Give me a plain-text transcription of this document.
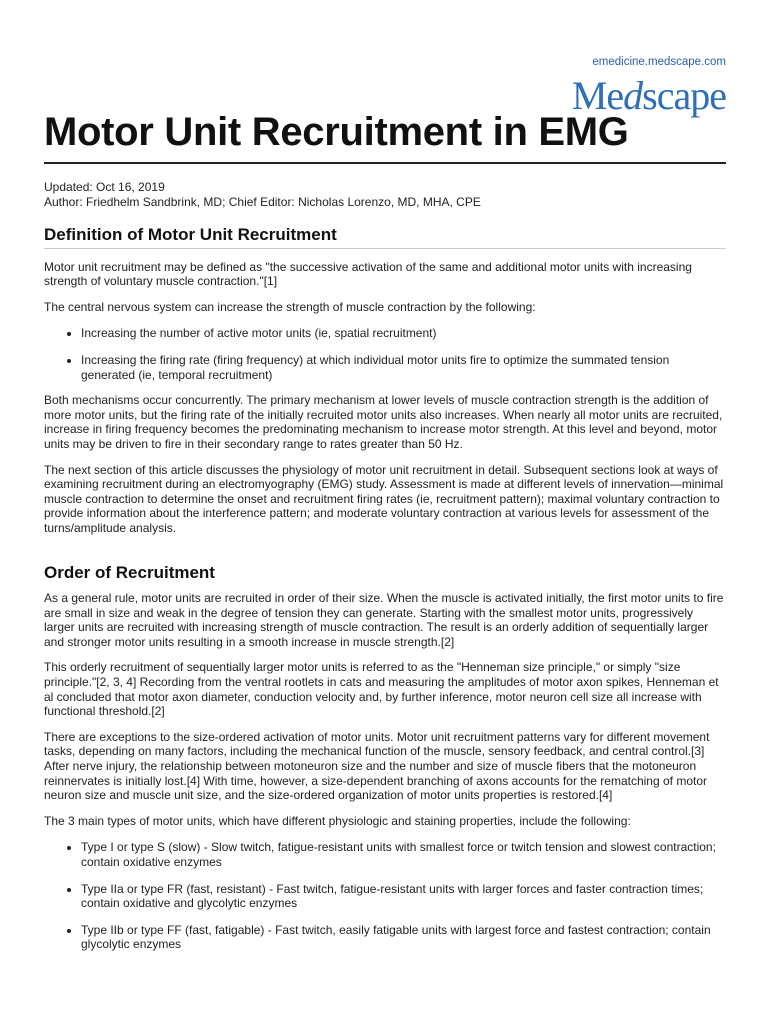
emedicine.medscape.com
Medscape
Motor Unit Recruitment in EMG
Updated: Oct 16, 2019
Author: Friedhelm Sandbrink, MD; Chief Editor: Nicholas Lorenzo, MD, MHA, CPE
Definition of Motor Unit Recruitment

Motor unit recruitment may be defined as "the successive activation of the same and additional motor units with increasing strength of voluntary muscle contraction."[1]

The central nervous system can increase the strength of muscle contraction by the following:

• Increasing the number of active motor units (ie, spatial recruitment)
• Increasing the firing rate (firing frequency) at which individual motor units fire to optimize the summated tension generated (ie, temporal recruitment)

Both mechanisms occur concurrently. The primary mechanism at lower levels of muscle contraction strength is the addition of more motor units, but the firing rate of the initially recruited motor units also increases. When nearly all motor units are recruited, increase in firing frequency becomes the predominating mechanism to increase motor strength. At this level and beyond, motor units may be driven to fire in their secondary range to rates greater than 50 Hz.

The next section of this article discusses the physiology of motor unit recruitment in detail. Subsequent sections look at ways of examining recruitment during an electromyography (EMG) study. Assessment is made at different levels of innervation—minimal muscle contraction to determine the onset and recruitment firing rates (ie, recruitment pattern); maximal voluntary contraction to provide information about the interference pattern; and moderate voluntary contraction at various levels for assessment of the turns/amplitude analysis.

Order of Recruitment

As a general rule, motor units are recruited in order of their size. When the muscle is activated initially, the first motor units to fire are small in size and weak in the degree of tension they can generate. Starting with the smallest motor units, progressively larger units are recruited with increasing strength of muscle contraction. The result is an orderly addition of sequentially larger and stronger motor units resulting in a smooth increase in muscle strength.[2]

This orderly recruitment of sequentially larger motor units is referred to as the "Henneman size principle," or simply "size principle."[2, 3, 4] Recording from the ventral rootlets in cats and measuring the amplitudes of motor axon spikes, Henneman et al concluded that motor axon diameter, conduction velocity and, by further inference, motor neuron cell size all increase with functional threshold.[2]

There are exceptions to the size-ordered activation of motor units. Motor unit recruitment patterns vary for different movement tasks, depending on many factors, including the mechanical function of the muscle, sensory feedback, and central control.[3] After nerve injury, the relationship between motoneuron size and the number and size of muscle fibers that the motoneuron reinnervates is initially lost.[4] With time, however, a size-dependent branching of axons accounts for the rematching of motor neuron size and muscle unit size, and the size-ordered organization of motor units properties is restored.[4]

The 3 main types of motor units, which have different physiologic and staining properties, include the following:

• Type I or type S (slow) - Slow twitch, fatigue-resistant units with smallest force or twitch tension and slowest contraction; contain oxidative enzymes
• Type IIa or type FR (fast, resistant) - Fast twitch, fatigue-resistant units with larger forces and faster contraction times; contain oxidative and glycolytic enzymes
• Type IIb or type FF (fast, fatigable) - Fast twitch, easily fatigable units with largest force and fastest contraction; contain glycolytic enzymes
